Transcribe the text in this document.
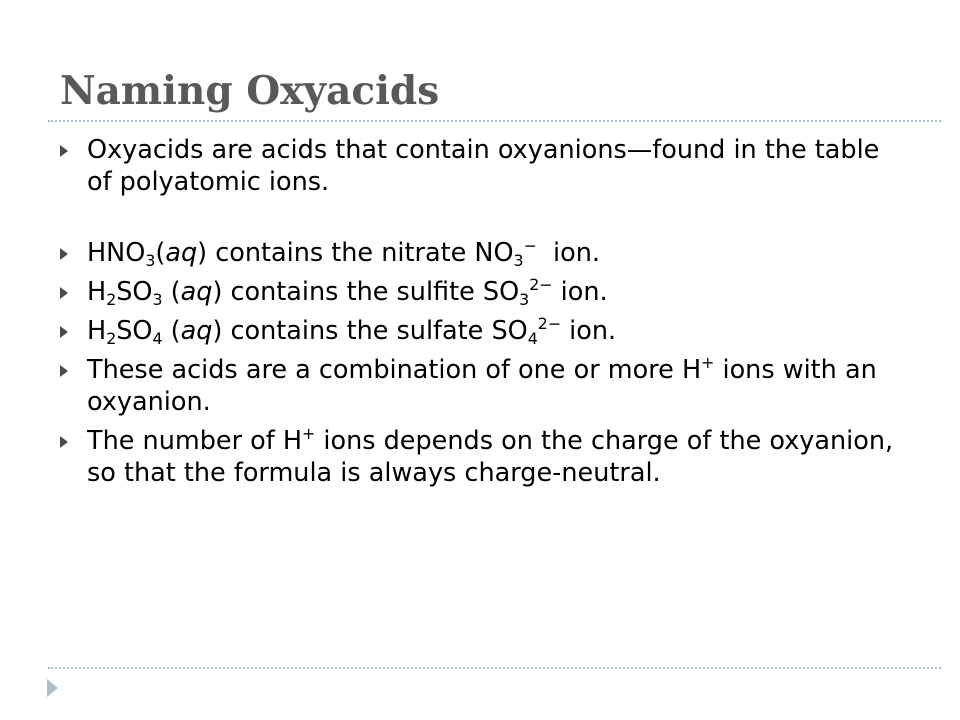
Naming Oxyacids
Oxyacids are acids that contain oxyanions—found in the table of polyatomic ions.
$HNO_3(aq)$ contains the nitrate $NO_3^-$  ion.
$H_2SO_3$ (aq) contains the sulfite $SO_3^{2-}$ ion.
$H_2SO_4$ (aq) contains the sulfate $SO_4^{2-}$ ion.
These acids are a combination of one or more H+ ions with an oxyanion.
The number of H+ ions depends on the charge of the oxyanion, so that the formula is always charge-neutral.
